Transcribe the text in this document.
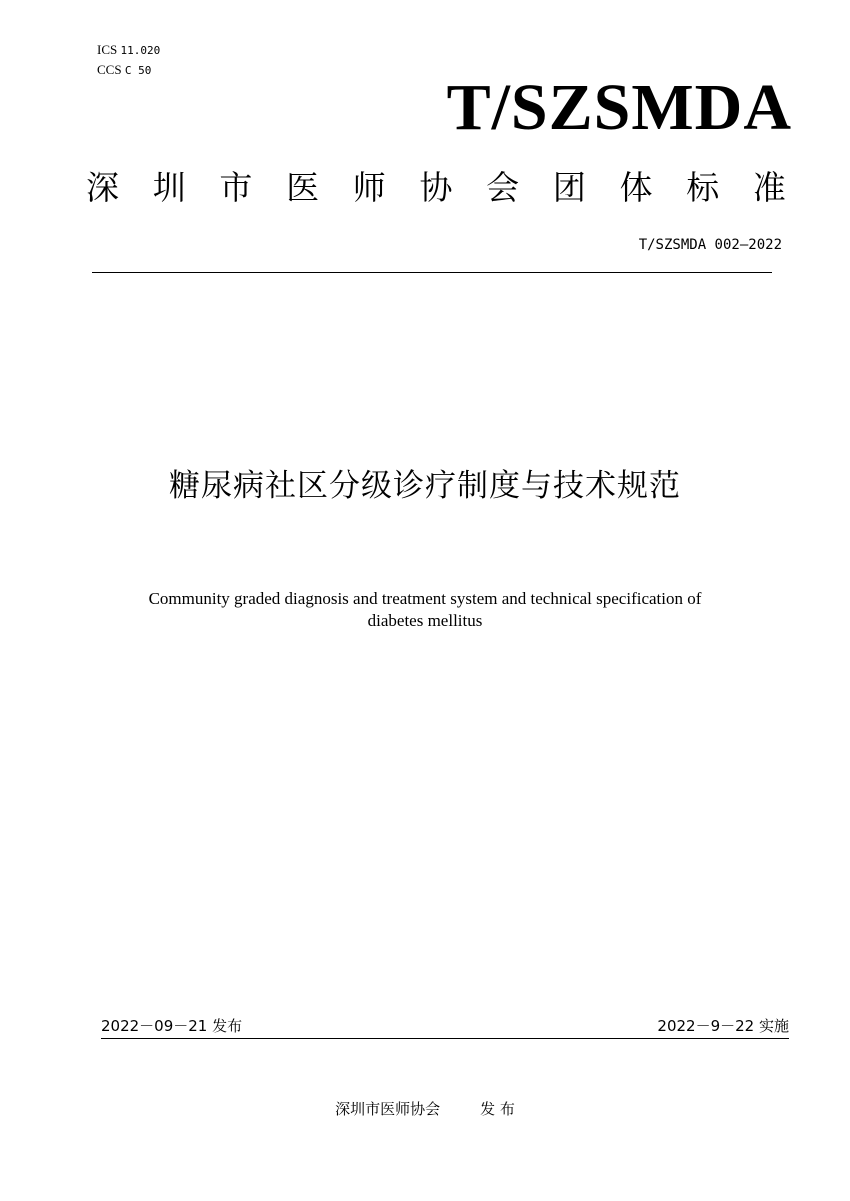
ICS 11.020
CCS C 50
T/SZSMDA
深 圳 市 医 师 协 会 团 体 标 准
T/SZSMDA 002—2022
糖尿病社区分级诊疗制度与技术规范
Community graded diagnosis and treatment system and technical specification of
diabetes mellitus
2022－09－21 发布	2022－9－22 实施
深圳市医师协会	发 布
